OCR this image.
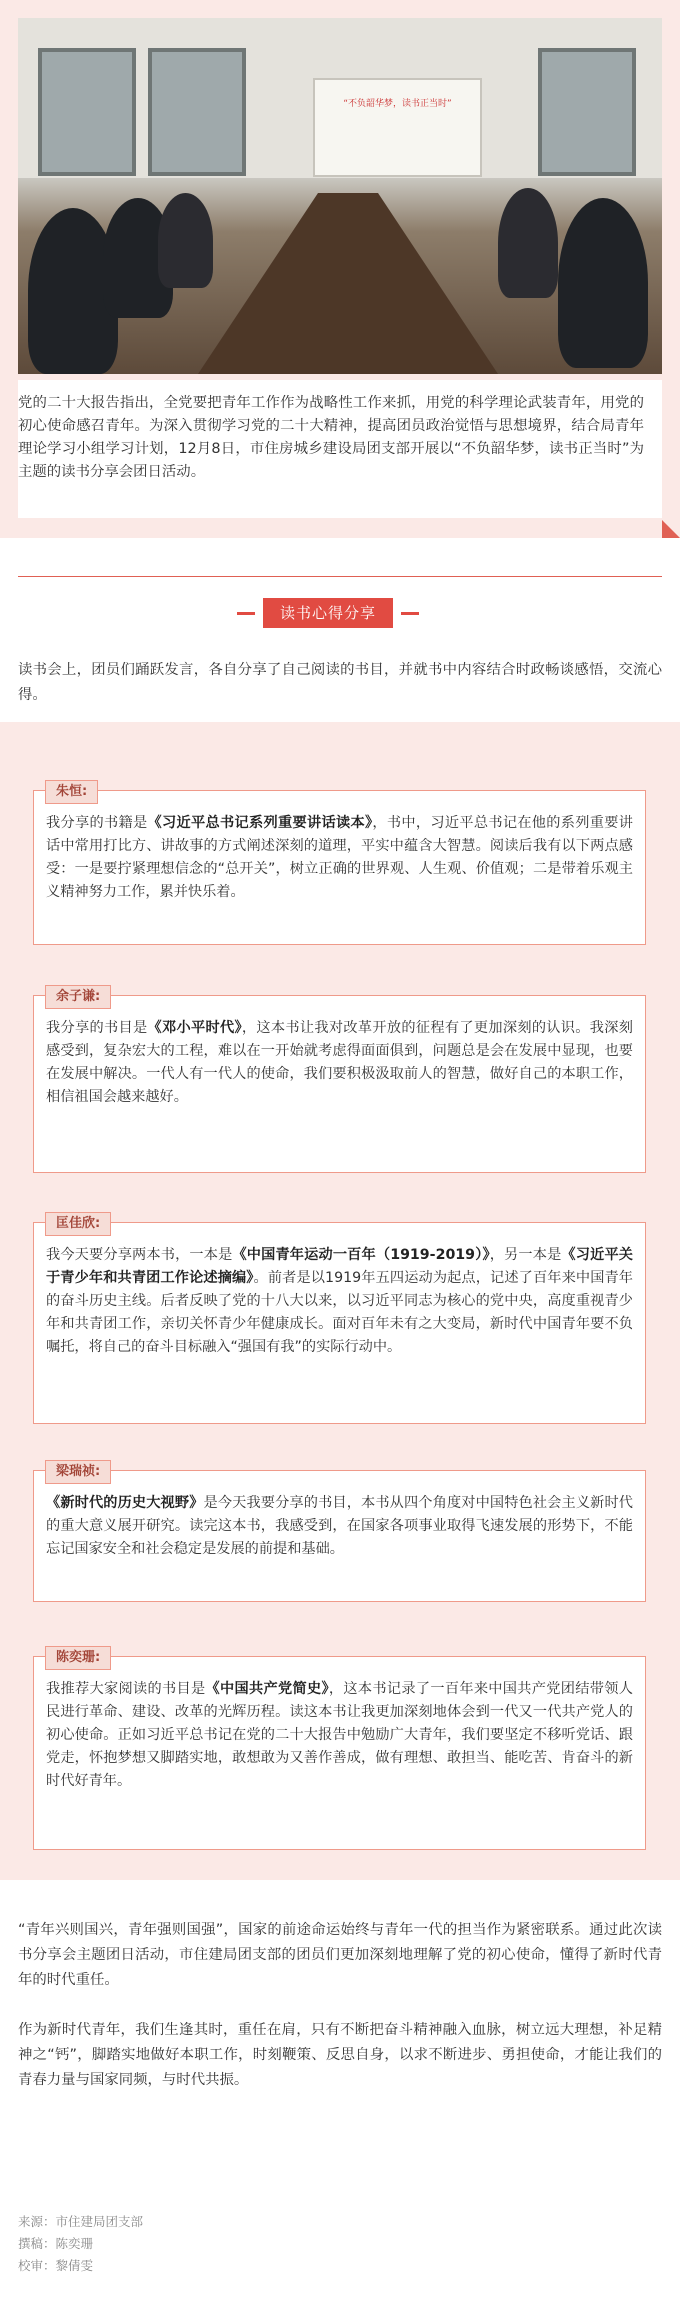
“不负韶华梦，读书正当时”

党的二十大报告指出，全党要把青年工作作为战略性工作来抓，用党的科学理论武装青年，用党的初心使命感召青年。为深入贯彻学习党的二十大精神，提高团员政治觉悟与思想境界，结合局青年理论学习小组学习计划，12月8日，市住房城乡建设局团支部开展以“不负韶华梦，读书正当时”为主题的读书分享会团日活动。

读书心得分享

读书会上，团员们踊跃发言，各自分享了自己阅读的书目，并就书中内容结合时政畅谈感悟，交流心得。

朱恒:

我分享的书籍是《习近平总书记系列重要讲话读本》，书中，习近平总书记在他的系列重要讲话中常用打比方、讲故事的方式阐述深刻的道理，平实中蕴含大智慧。阅读后我有以下两点感受：一是要拧紧理想信念的“总开关”，树立正确的世界观、人生观、价值观；二是带着乐观主义精神努力工作，累并快乐着。

余子谦:

我分享的书目是《邓小平时代》，这本书让我对改革开放的征程有了更加深刻的认识。我深刻感受到，复杂宏大的工程，难以在一开始就考虑得面面俱到，问题总是会在发展中显现，也要在发展中解决。一代人有一代人的使命，我们要积极汲取前人的智慧，做好自己的本职工作，相信祖国会越来越好。

匡佳欣:

我今天要分享两本书，一本是《中国青年运动一百年（1919-2019）》，另一本是《习近平关于青少年和共青团工作论述摘编》。前者是以1919年五四运动为起点，记述了百年来中国青年的奋斗历史主线。后者反映了党的十八大以来，以习近平同志为核心的党中央，高度重视青少年和共青团工作，亲切关怀青少年健康成长。面对百年未有之大变局，新时代中国青年要不负嘱托，将自己的奋斗目标融入“强国有我”的实际行动中。

梁瑞祯:

《新时代的历史大视野》是今天我要分享的书目，本书从四个角度对中国特色社会主义新时代的重大意义展开研究。读完这本书，我感受到，在国家各项事业取得飞速发展的形势下，不能忘记国家安全和社会稳定是发展的前提和基础。

陈奕珊:

我推荐大家阅读的书目是《中国共产党简史》，这本书记录了一百年来中国共产党团结带领人民进行革命、建设、改革的光辉历程。读这本书让我更加深刻地体会到一代又一代共产党人的初心使命。正如习近平总书记在党的二十大报告中勉励广大青年，我们要坚定不移听党话、跟党走，怀抱梦想又脚踏实地，敢想敢为又善作善成，做有理想、敢担当、能吃苦、肯奋斗的新时代好青年。

“青年兴则国兴，青年强则国强”，国家的前途命运始终与青年一代的担当作为紧密联系。通过此次读书分享会主题团日活动，市住建局团支部的团员们更加深刻地理解了党的初心使命，懂得了新时代青年的时代重任。

作为新时代青年，我们生逢其时，重任在肩，只有不断把奋斗精神融入血脉，树立远大理想，补足精神之“钙”，脚踏实地做好本职工作，时刻鞭策、反思自身，以求不断进步、勇担使命，才能让我们的青春力量与国家同频，与时代共振。

来源：市住建局团支部
撰稿：陈奕珊
校审：黎倩雯
